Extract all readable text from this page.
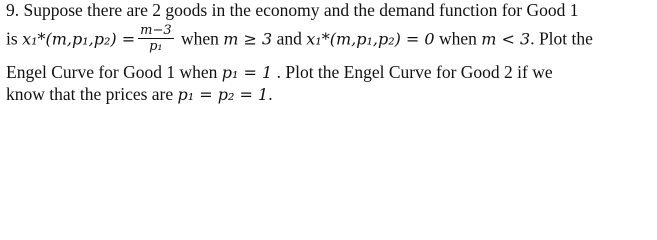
9. Suppose there are 2 goods in the economy and the demand function for Good 1
is $x_1*(m,p_1,p_2) = \frac{m-3}{\text{p₁}}$ when m ≥ 3 and x₁*(m,p₁,p₂) = 0 when m < 3. Plot the
Engel Curve for Good 1 when p₁ = 1 . Plot the Engel Curve for Good 2 if we
know that the prices are p₁ = p₂ = 1.
